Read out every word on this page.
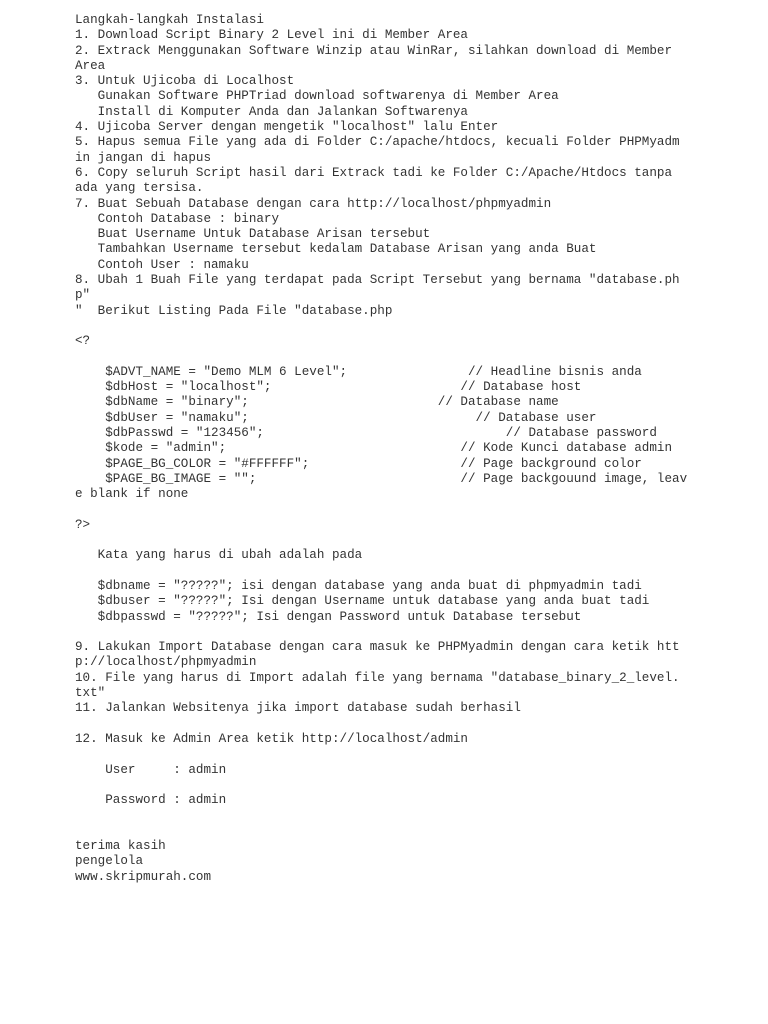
Langkah-langkah Instalasi
1. Download Script Binary 2 Level ini di Member Area
2. Extrack Menggunakan Software Winzip atau WinRar, silahkan download di Member
Area
3. Untuk Ujicoba di Localhost
Gunakan Software PHPTriad download softwarenya di Member Area
Install di Komputer Anda dan Jalankan Softwarenya
4. Ujicoba Server dengan mengetik "localhost" lalu Enter
5. Hapus semua File yang ada di Folder C:/apache/htdocs, kecuali Folder PHPMyadm
in jangan di hapus
6. Copy seluruh Script hasil dari Extrack tadi ke Folder C:/Apache/Htdocs tanpa
ada yang tersisa.
7. Buat Sebuah Database dengan cara http://localhost/phpmyadmin
Contoh Database : binary
Buat Username Untuk Database Arisan tersebut
Tambahkan Username tersebut kedalam Database Arisan yang anda Buat
Contoh User : namaku
8. Ubah 1 Buah File yang terdapat pada Script Tersebut yang bernama "database.ph
p"
"  Berikut Listing Pada File "database.php
<?
$ADVT_NAME = "Demo MLM 6 Level";                // Headline bisnis anda
$dbHost = "localhost";                         // Database host
$dbName = "binary";                         // Database name
$dbUser = "namaku";                              // Database user
$dbPasswd = "123456";                                // Database password
$kode = "admin";                               // Kode Kunci database admin
$PAGE_BG_COLOR = "#FFFFFF";                    // Page background color
$PAGE_BG_IMAGE = "";                           // Page backgouund image, leav
e blank if none
?>
Kata yang harus di ubah adalah pada
$dbname = "?????"; isi dengan database yang anda buat di phpmyadmin tadi
$dbuser = "?????"; Isi dengan Username untuk database yang anda buat tadi
$dbpasswd = "?????"; Isi dengan Password untuk Database tersebut
9. Lakukan Import Database dengan cara masuk ke PHPMyadmin dengan cara ketik htt
p://localhost/phpmyadmin
10. File yang harus di Import adalah file yang bernama "database_binary_2_level.
txt"
11. Jalankan Websitenya jika import database sudah berhasil
12. Masuk ke Admin Area ketik http://localhost/admin
User     : admin
Password : admin
terima kasih
pengelola
www.skripmurah.com
